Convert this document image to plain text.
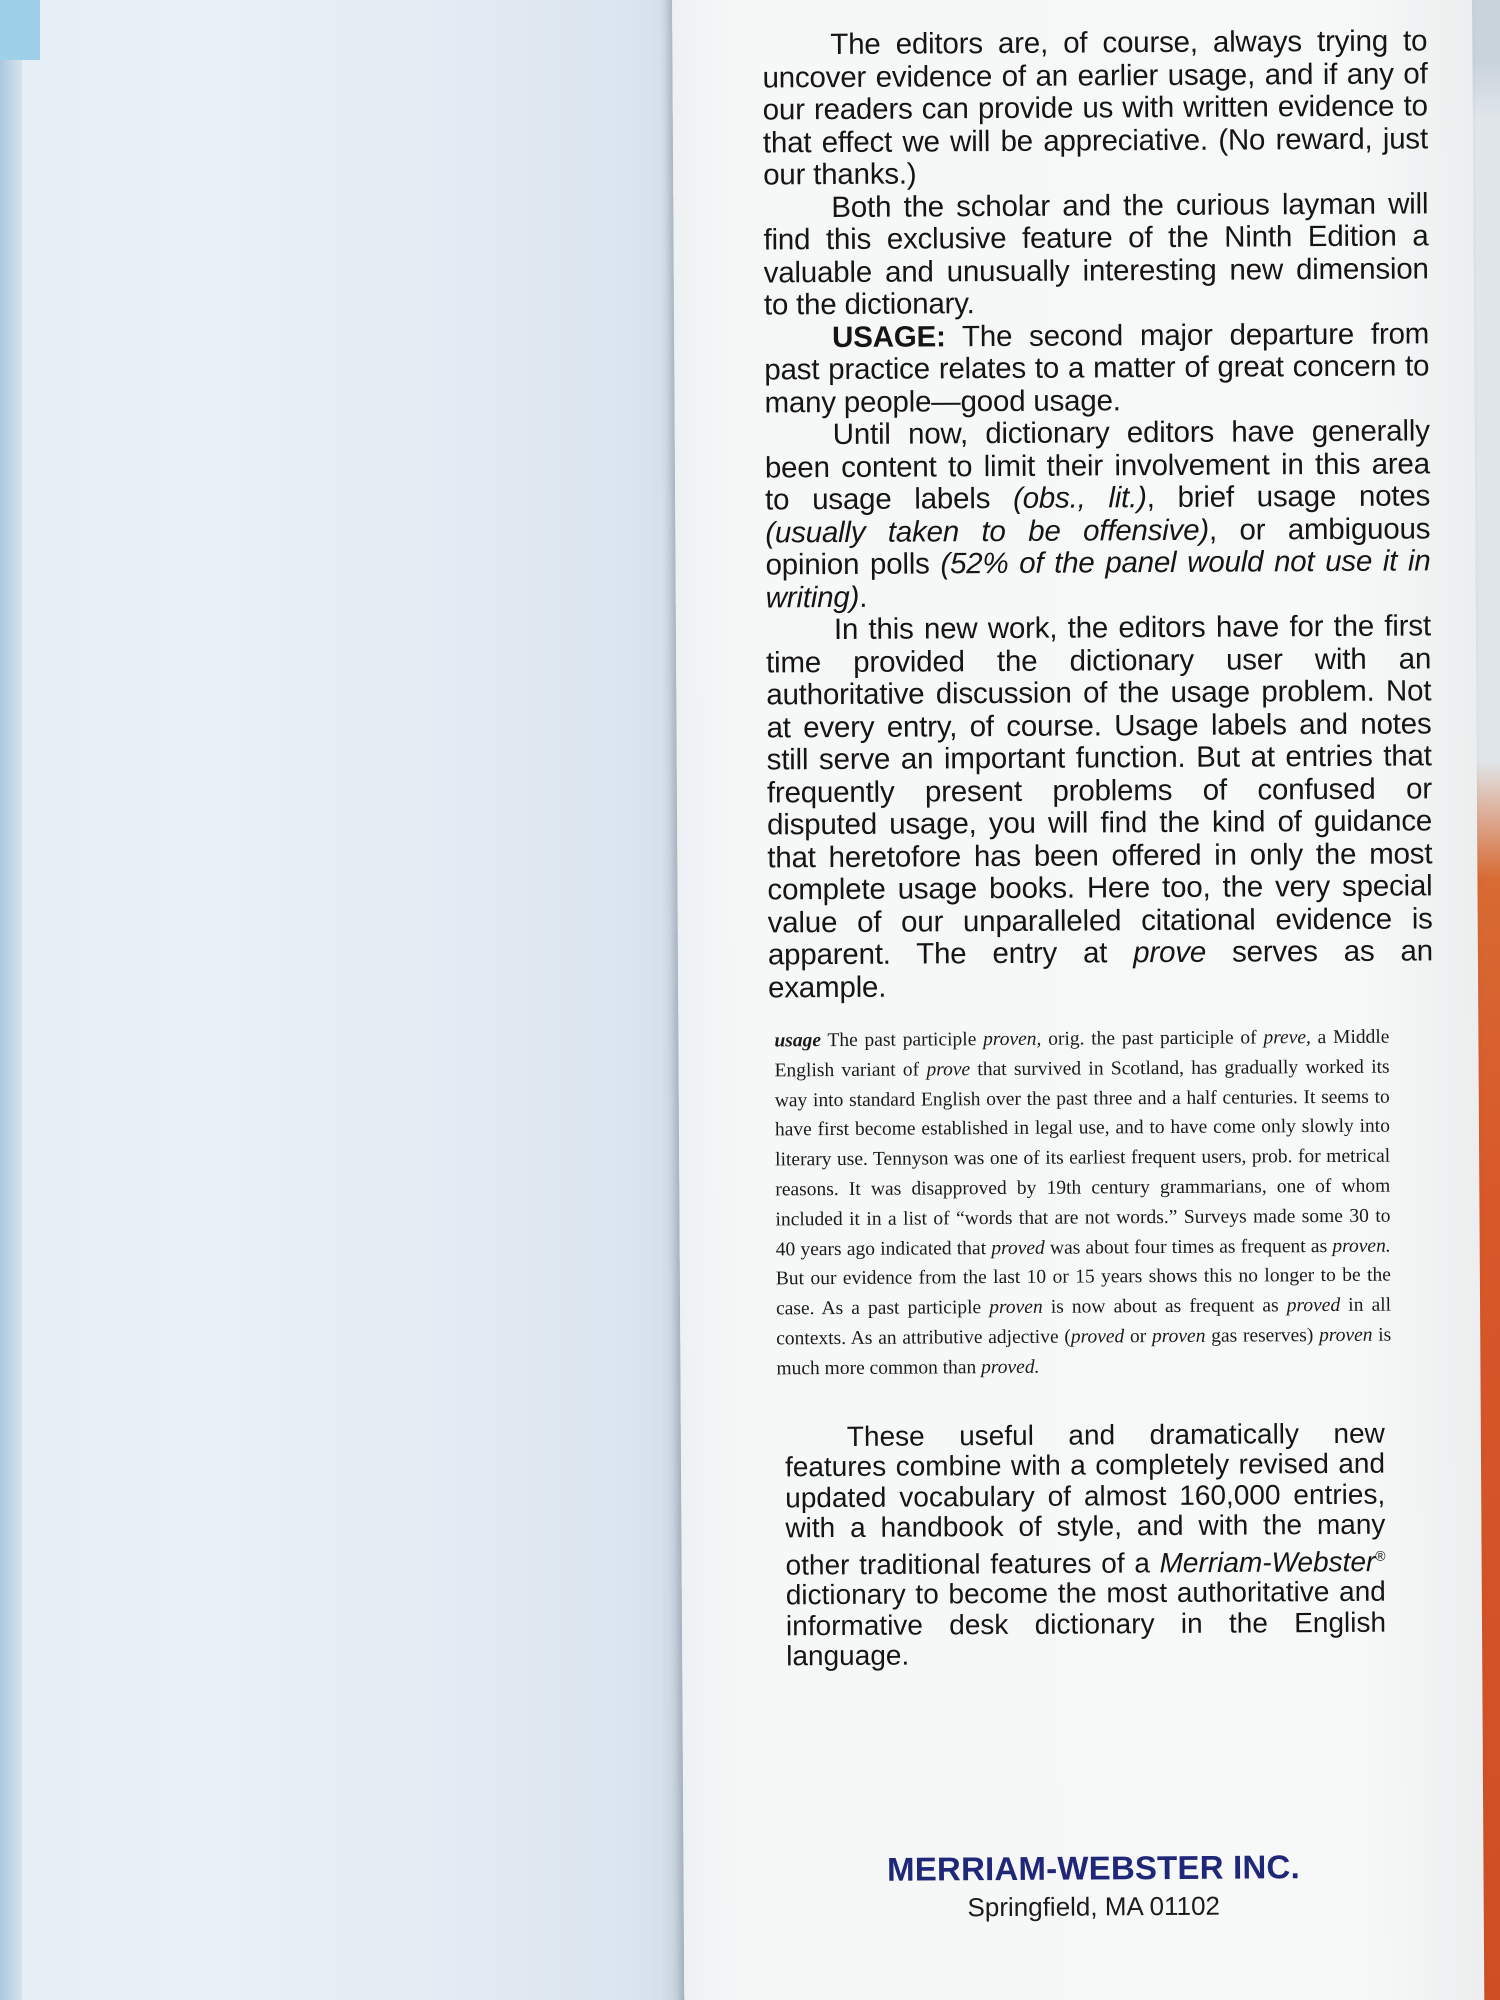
The editors are, of course, always trying to uncover evidence of an earlier usage, and if any of our readers can provide us with written evidence to that effect we will be appreciative. (No reward, just our thanks.)

Both the scholar and the curious layman will find this exclusive feature of the Ninth Edition a valuable and unusually interesting new dimension to the dictionary.

USAGE: The second major departure from past practice relates to a matter of great concern to many people—good usage.

Until now, dictionary editors have generally been content to limit their involvement in this area to usage labels (obs., lit.), brief usage notes (usually taken to be offensive), or ambiguous opinion polls (52% of the panel would not use it in writing).

In this new work, the editors have for the first time provided the dictionary user with an authoritative discussion of the usage problem. Not at every entry, of course. Usage labels and notes still serve an important function. But at entries that frequently present problems of confused or disputed usage, you will find the kind of guidance that heretofore has been offered in only the most complete usage books. Here too, the very special value of our unparalleled citational evidence is apparent. The entry at prove serves as an example.

usage The past participle proven, orig. the past participle of preve, a Middle English variant of prove that survived in Scotland, has gradually worked its way into standard English over the past three and a half centuries. It seems to have first become established in legal use, and to have come only slowly into literary use. Tennyson was one of its earliest frequent users, prob. for metrical reasons. It was disapproved by 19th century grammarians, one of whom included it in a list of “words that are not words.” Surveys made some 30 to 40 years ago indicated that proved was about four times as frequent as proven. But our evidence from the last 10 or 15 years shows this no longer to be the case. As a past participle proven is now about as frequent as proved in all contexts. As an attributive adjective (proved or proven gas reserves) proven is much more common than proved.

These useful and dramatically new features combine with a completely revised and updated vocabulary of almost 160,000 entries, with a handbook of style, and with the many other traditional features of a Merriam-Webster® dictionary to become the most authoritative and informative desk dictionary in the English language.

MERRIAM-WEBSTER INC.
Springfield, MA 01102
